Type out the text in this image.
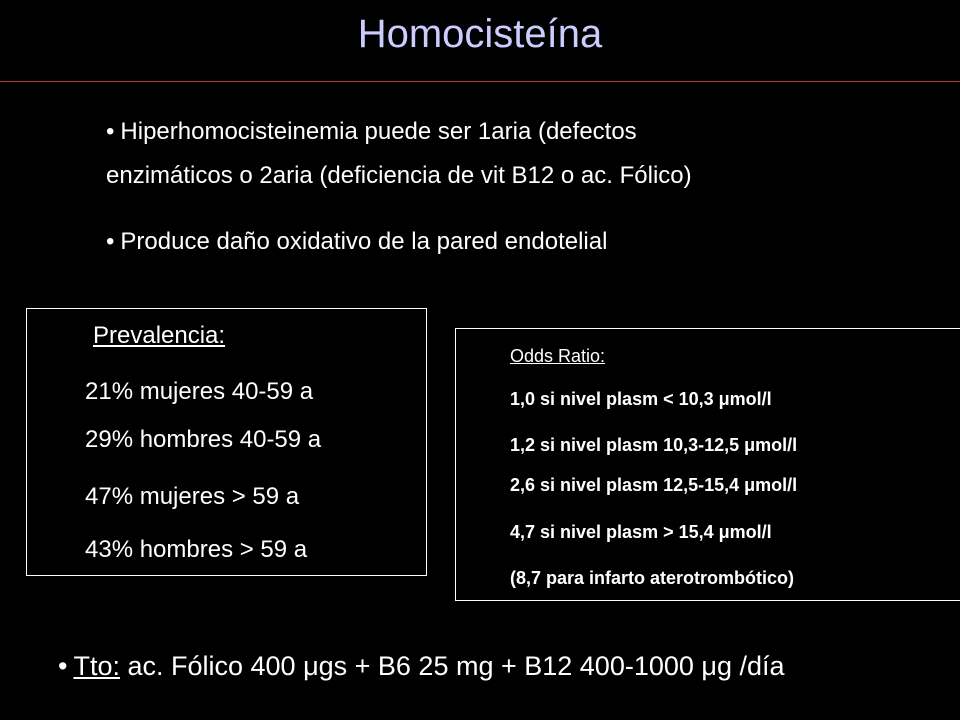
Homocisteína
• Hiperhomocisteinemia puede ser 1aria (defectos
enzimáticos o 2aria (deficiencia de vit B12 o ac. Fólico)
• Produce daño oxidativo de la pared endotelial
Prevalencia:
21% mujeres 40-59 a
29% hombres 40-59 a
47% mujeres > 59 a
43% hombres > 59 a
Odds Ratio:
1,0 si nivel plasm < 10,3 μmol/l
1,2 si nivel plasm 10,3-12,5 μmol/l
2,6 si nivel plasm 12,5-15,4 μmol/l
4,7 si nivel plasm > 15,4 μmol/l
(8,7 para infarto aterotrombótico)
• Tto: ac. Fólico 400 μgs + B6 25 mg + B12 400-1000 μg /día
